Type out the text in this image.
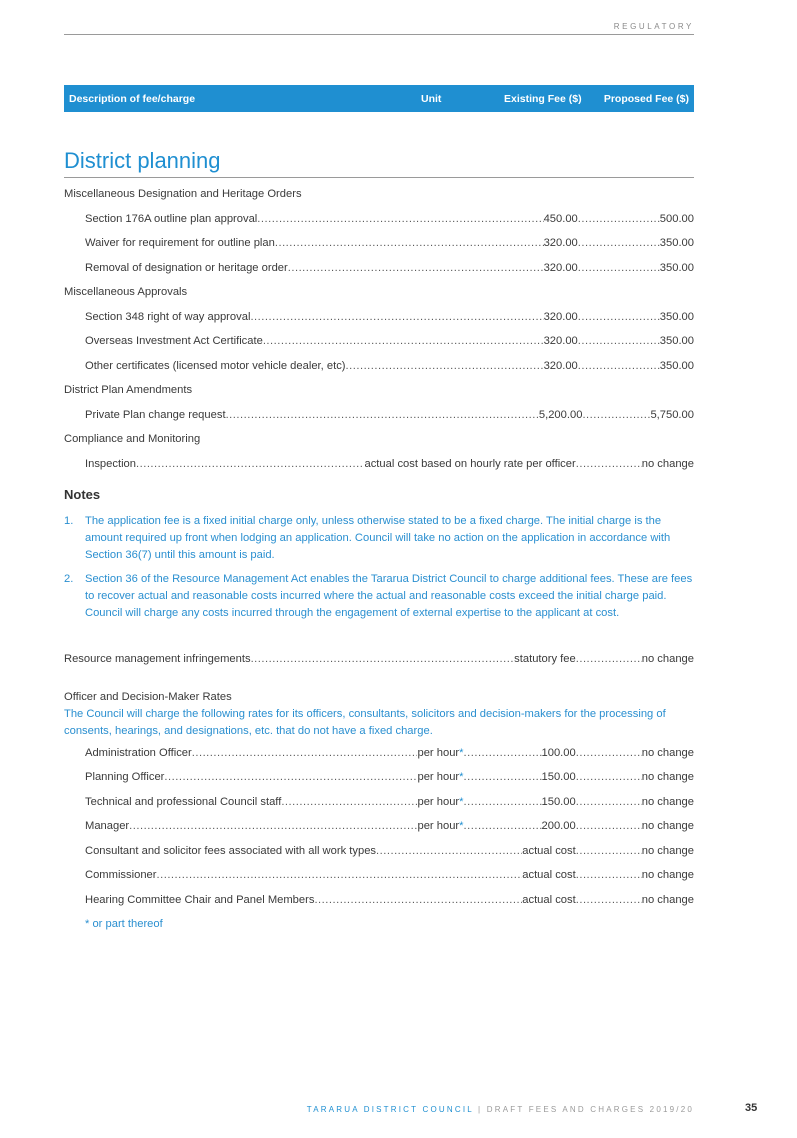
REGULATORY
Description of fee/charge	Unit	Existing Fee ($) Proposed Fee ($)
District planning
Miscellaneous Designation and Heritage Orders
Section 176A outline plan approval .....	450.00 .....	500.00
Waiver for requirement for outline plan .....	320.00 .....	350.00
Removal of designation or heritage order .....	320.00 .....	350.00
Miscellaneous Approvals
Section 348 right of way approval .....	320.00 .....	350.00
Overseas Investment Act Certificate .....	320.00 .....	350.00
Other certificates (licensed motor vehicle dealer, etc) .....	320.00 .....	350.00
District Plan Amendments
Private Plan change request .....	5,200.00 .....	5,750.00
Compliance and Monitoring
Inspection .....	actual cost based on hourly rate per officer .....	no change
Notes
1.	The application fee is a fixed initial charge only, unless otherwise stated to be a fixed charge. The initial charge is the amount required up front when lodging an application. Council will take no action on the application in accordance with Section 36(7) until this amount is paid.
2.	Section 36 of the Resource Management Act enables the Tararua District Council to charge additional fees. These are fees to recover actual and reasonable costs incurred where the actual and reasonable costs exceed the initial charge paid. Council will charge any costs incurred through the engagement of external expertise to the applicant at cost.
Resource management infringements .....	statutory fee .....	no change
Officer and Decision-Maker Rates
The Council will charge the following rates for its officers, consultants, solicitors and decision-makers for the processing of consents, hearings, and designations, etc. that do not have a fixed charge.
Administration Officer .....	per hour * .....	100.00 .....	no change
Planning Officer .....	per hour * .....	150.00 .....	no change
Technical and professional Council staff .....	per hour * .....	150.00 .....	no change
Manager .....	per hour * .....	200.00 .....	no change
Consultant and solicitor fees associated with all work types .....	actual cost .....	no change
Commissioner .....	actual cost .....	no change
Hearing Committee Chair and Panel Members .....	actual cost .....	no change
* or part thereof
TARARUA DISTRICT COUNCIL | DRAFT FEES AND CHARGES 2019/20	35
